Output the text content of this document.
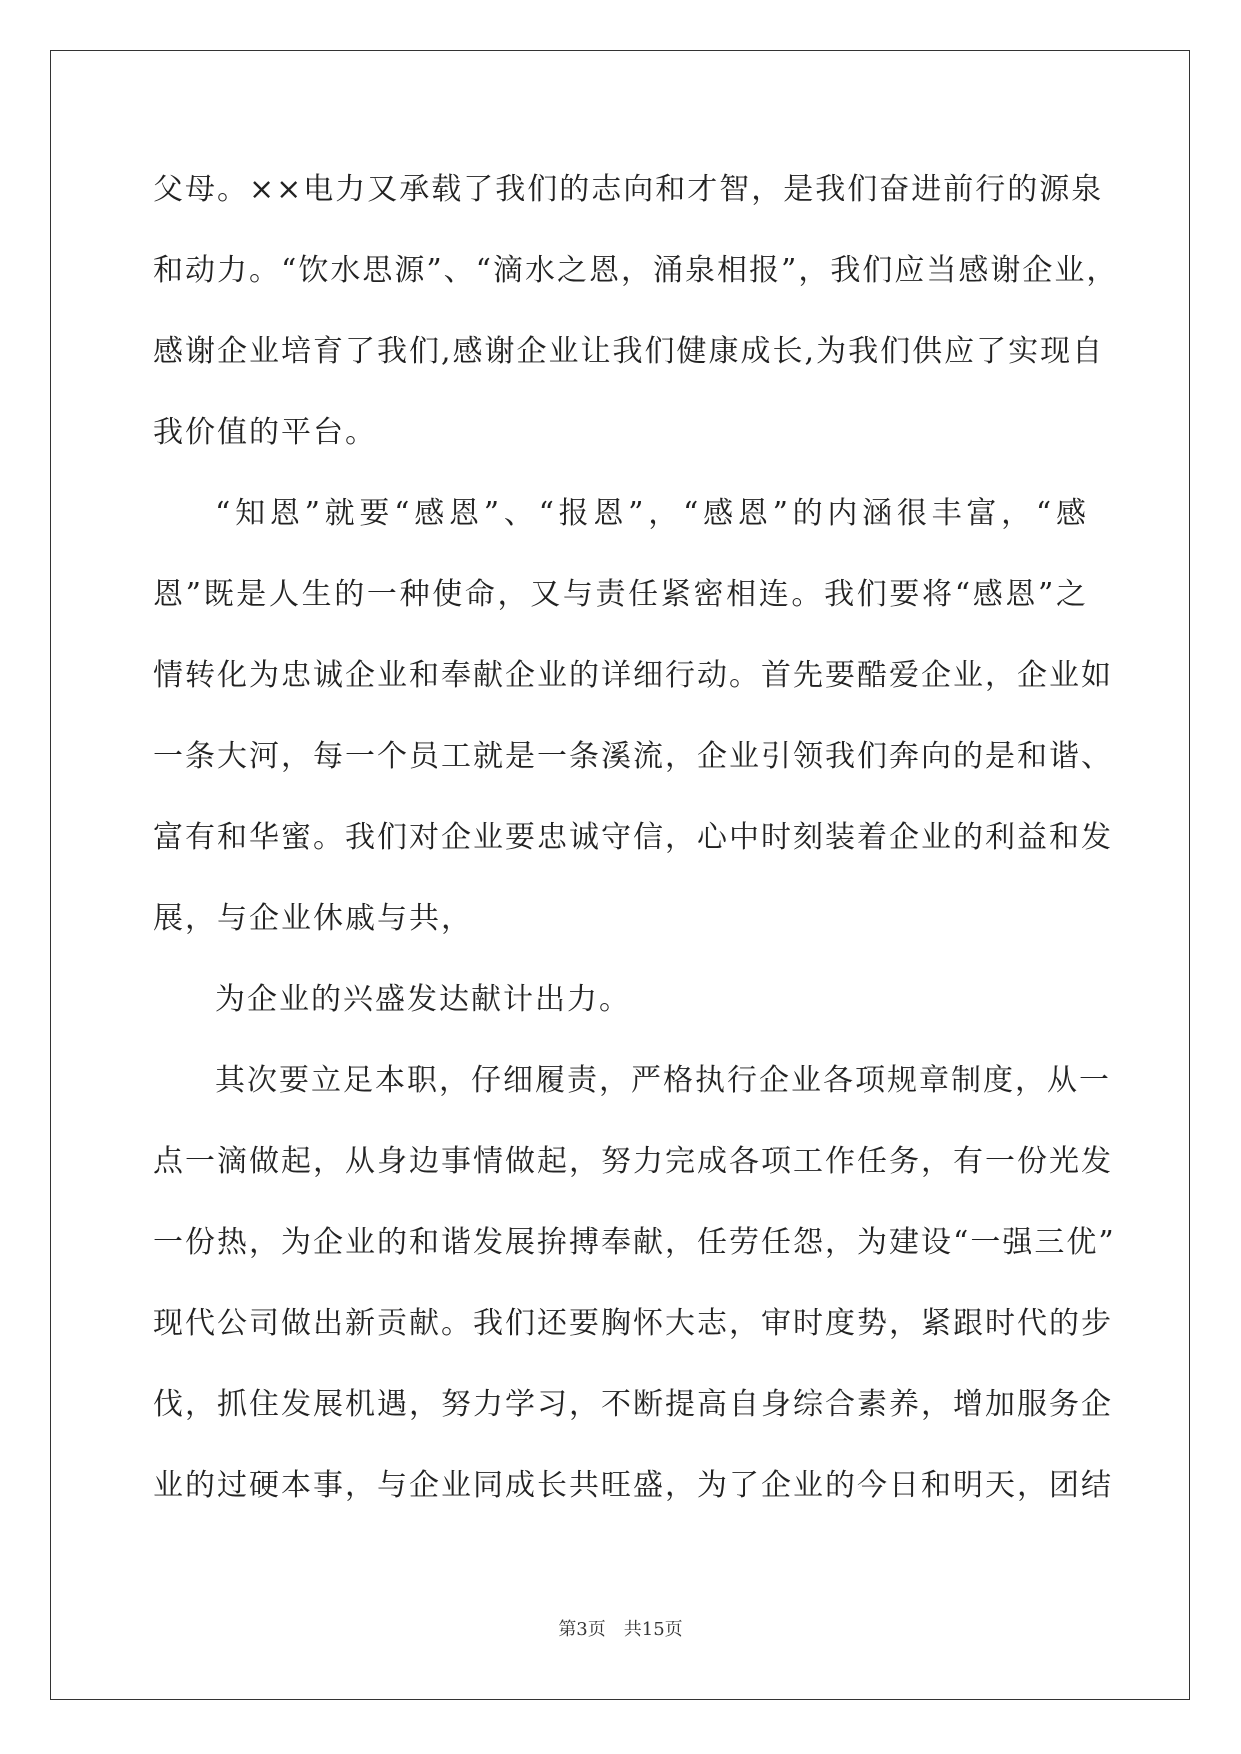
父母。××电力又承载了我们的志向和才智，是我们奋进前行的源泉
和动力。“饮水思源”、“滴水之恩，涌泉相报”，我们应当感谢企业，
感谢企业培育了我们,感谢企业让我们健康成长,为我们供应了实现自
我价值的平台。
“知恩”就要“感恩”、“报恩”，“感恩”的内涵很丰富，“感
恩”既是人生的一种使命，又与责任紧密相连。我们要将“感恩”之
情转化为忠诚企业和奉献企业的详细行动。首先要酷爱企业，企业如
一条大河，每一个员工就是一条溪流，企业引领我们奔向的是和谐、
富有和华蜜。我们对企业要忠诚守信，心中时刻装着企业的利益和发
展，与企业休戚与共，
为企业的兴盛发达献计出力。
其次要立足本职，仔细履责，严格执行企业各项规章制度，从一
点一滴做起，从身边事情做起，努力完成各项工作任务，有一份光发
一份热，为企业的和谐发展拚搏奉献，任劳任怨，为建设“一强三优”
现代公司做出新贡献。我们还要胸怀大志，审时度势，紧跟时代的步
伐，抓住发展机遇，努力学习，不断提高自身综合素养，增加服务企
业的过硬本事，与企业同成长共旺盛，为了企业的今日和明天，团结
第3页　共15页
